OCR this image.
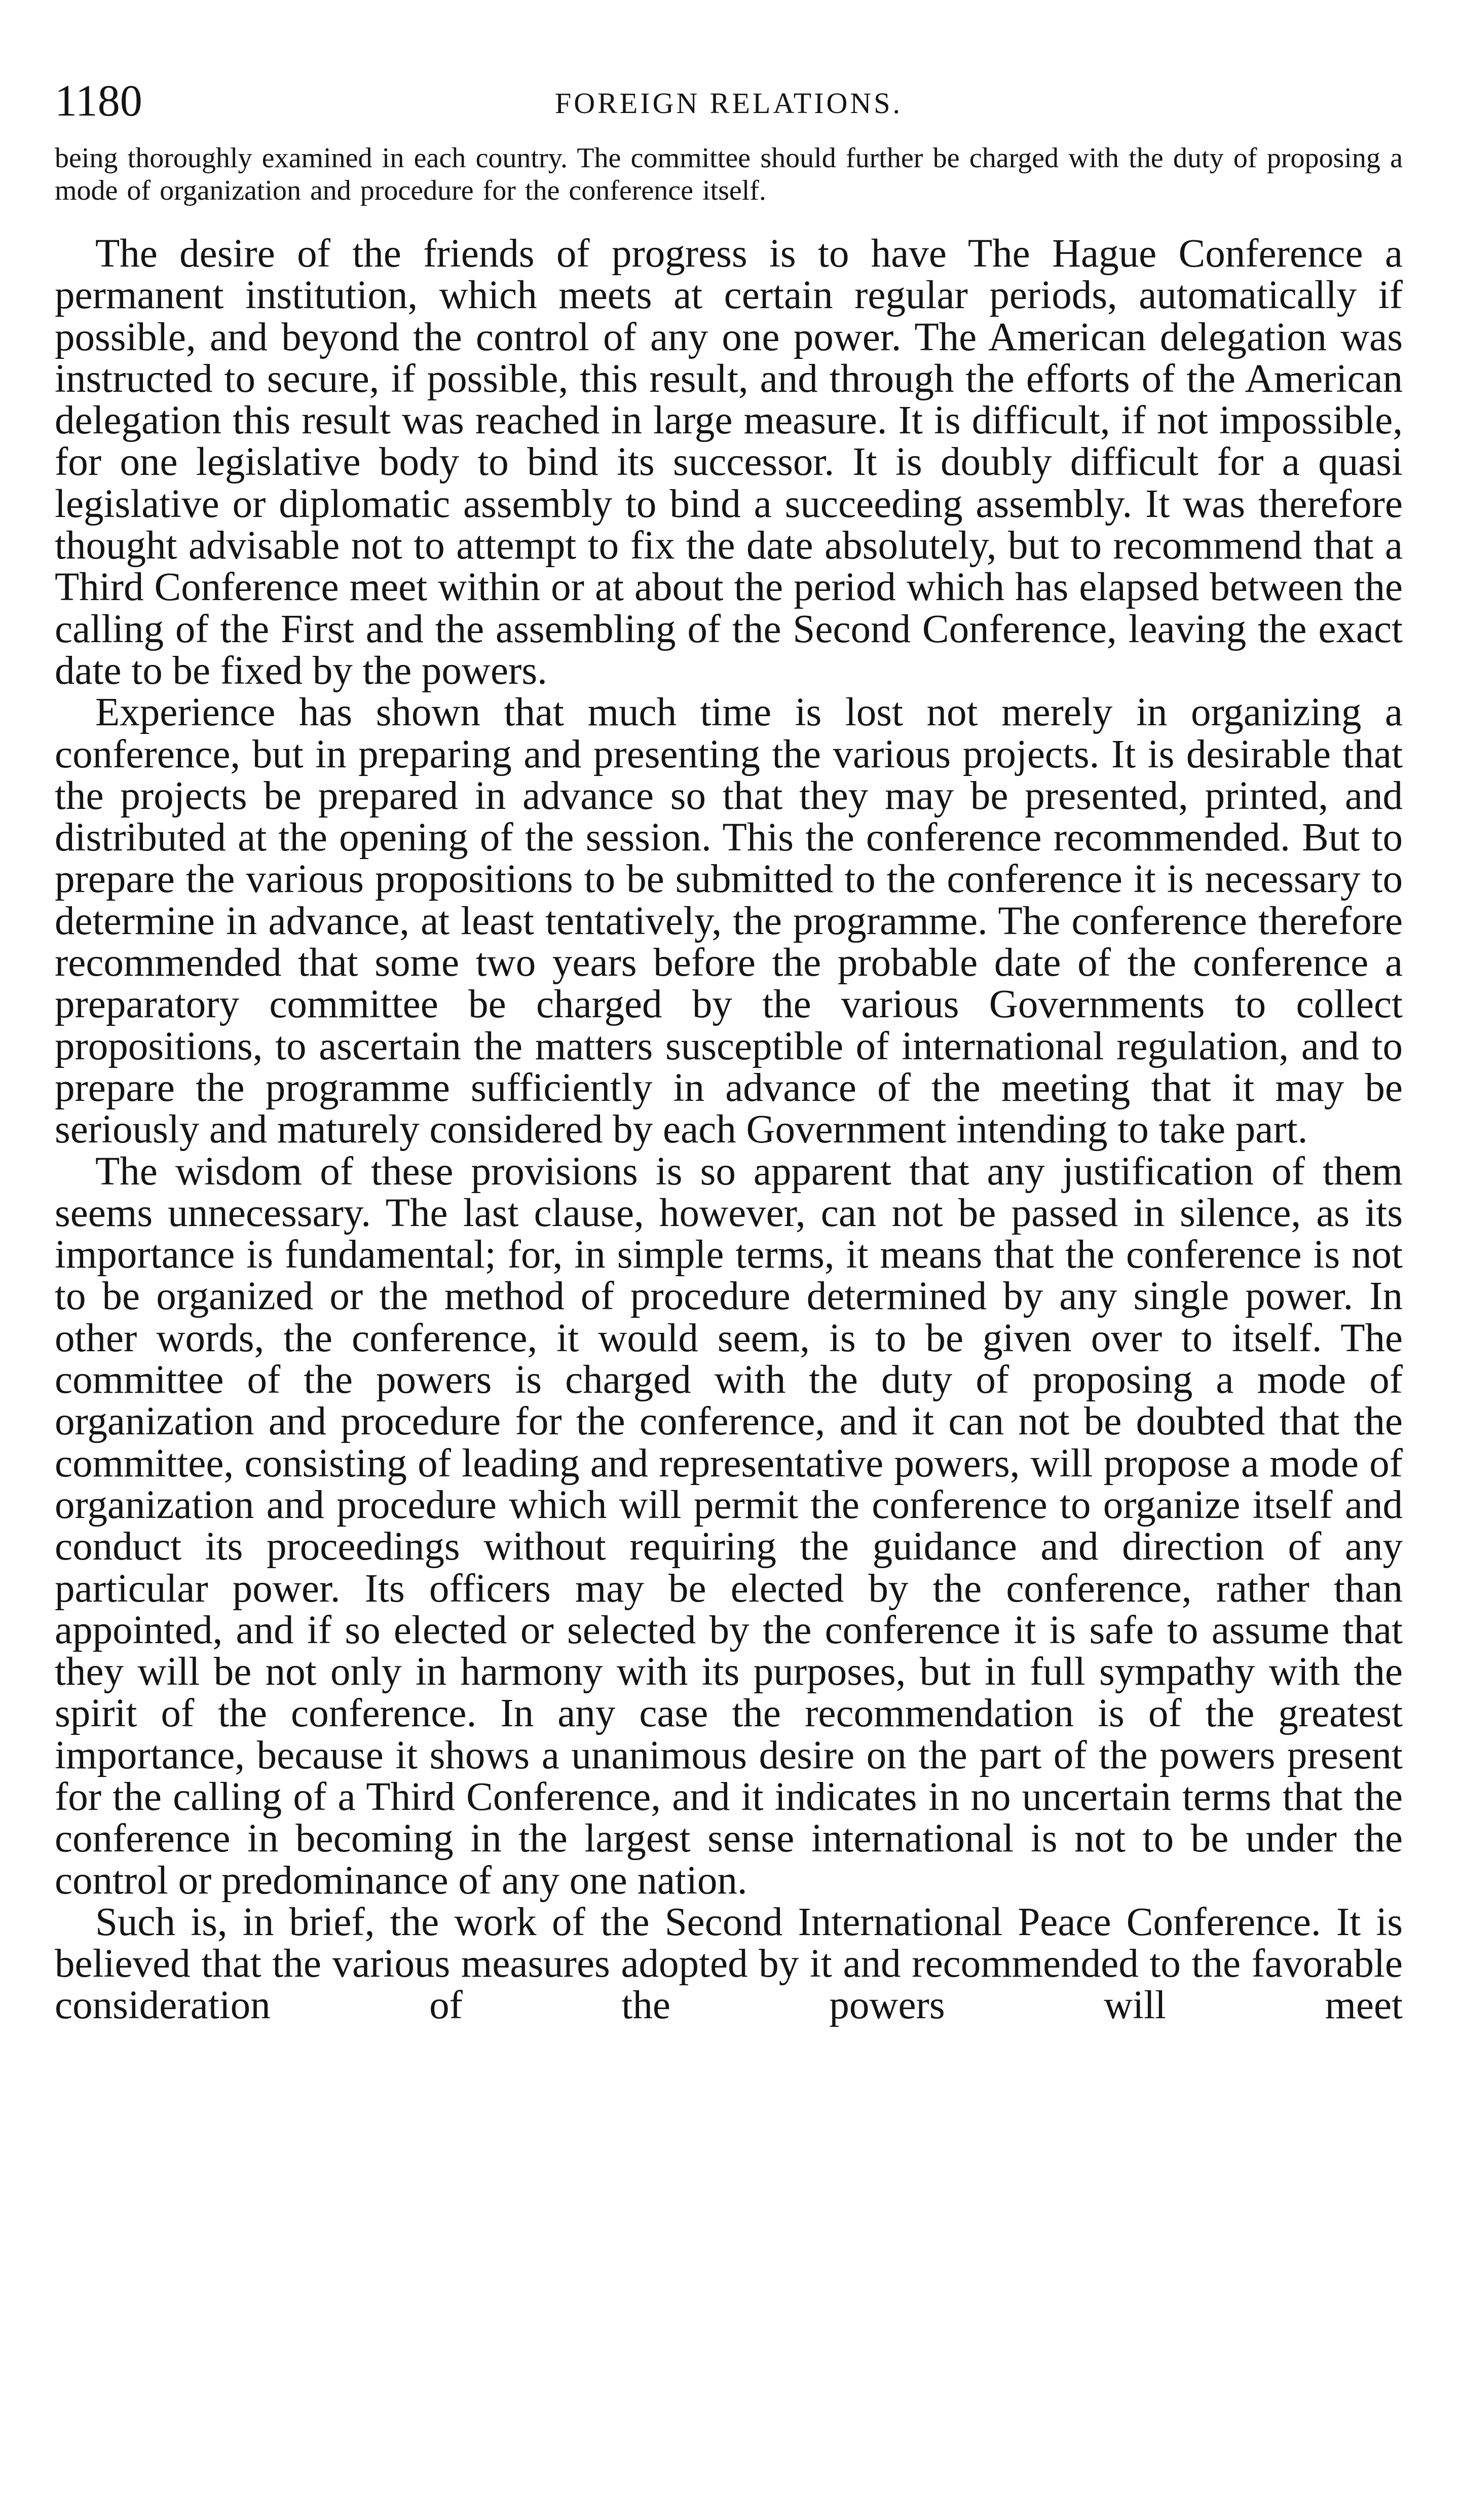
1180	FOREIGN RELATIONS.

being thoroughly examined in each country. The committee should further be charged with the duty of proposing a mode of organization and procedure for the conference itself.

The desire of the friends of progress is to have The Hague Conference a permanent institution, which meets at certain regular periods, automatically if possible, and beyond the control of any one power. The American delegation was instructed to secure, if possible, this result, and through the efforts of the American delegation this result was reached in large measure. It is difficult, if not impossible, for one legislative body to bind its successor. It is doubly difficult for a quasi legislative or diplomatic assembly to bind a succeeding assembly. It was therefore thought advisable not to attempt to fix the date absolutely, but to recommend that a Third Conference meet within or at about the period which has elapsed between the calling of the First and the assembling of the Second Conference, leaving the exact date to be fixed by the powers.

Experience has shown that much time is lost not merely in organizing a conference, but in preparing and presenting the various projects. It is desirable that the projects be prepared in advance so that they may be presented, printed, and distributed at the opening of the session. This the conference recommended. But to prepare the various propositions to be submitted to the conference it is necessary to determine in advance, at least tentatively, the programme. The conference therefore recommended that some two years before the probable date of the conference a preparatory committee be charged by the various Governments to collect propositions, to ascertain the matters susceptible of international regulation, and to prepare the programme sufficiently in advance of the meeting that it may be seriously and maturely considered by each Government intending to take part.

The wisdom of these provisions is so apparent that any justification of them seems unnecessary. The last clause, however, can not be passed in silence, as its importance is fundamental; for, in simple terms, it means that the conference is not to be organized or the method of procedure determined by any single power. In other words, the conference, it would seem, is to be given over to itself. The committee of the powers is charged with the duty of proposing a mode of organization and procedure for the conference, and it can not be doubted that the committee, consisting of leading and representative powers, will propose a mode of organization and procedure which will permit the conference to organize itself and conduct its proceedings without requiring the guidance and direction of any particular power. Its officers may be elected by the conference, rather than appointed, and if so elected or selected by the conference it is safe to assume that they will be not only in harmony with its purposes, but in full sympathy with the spirit of the conference. In any case the recommendation is of the greatest importance, because it shows a unanimous desire on the part of the powers present for the calling of a Third Conference, and it indicates in no uncertain terms that the conference in becoming in the largest sense international is not to be under the control or predominance of any one nation.

Such is, in brief, the work of the Second International Peace Conference. It is believed that the various measures adopted by it and recommended to the favorable consideration of the powers will meet
